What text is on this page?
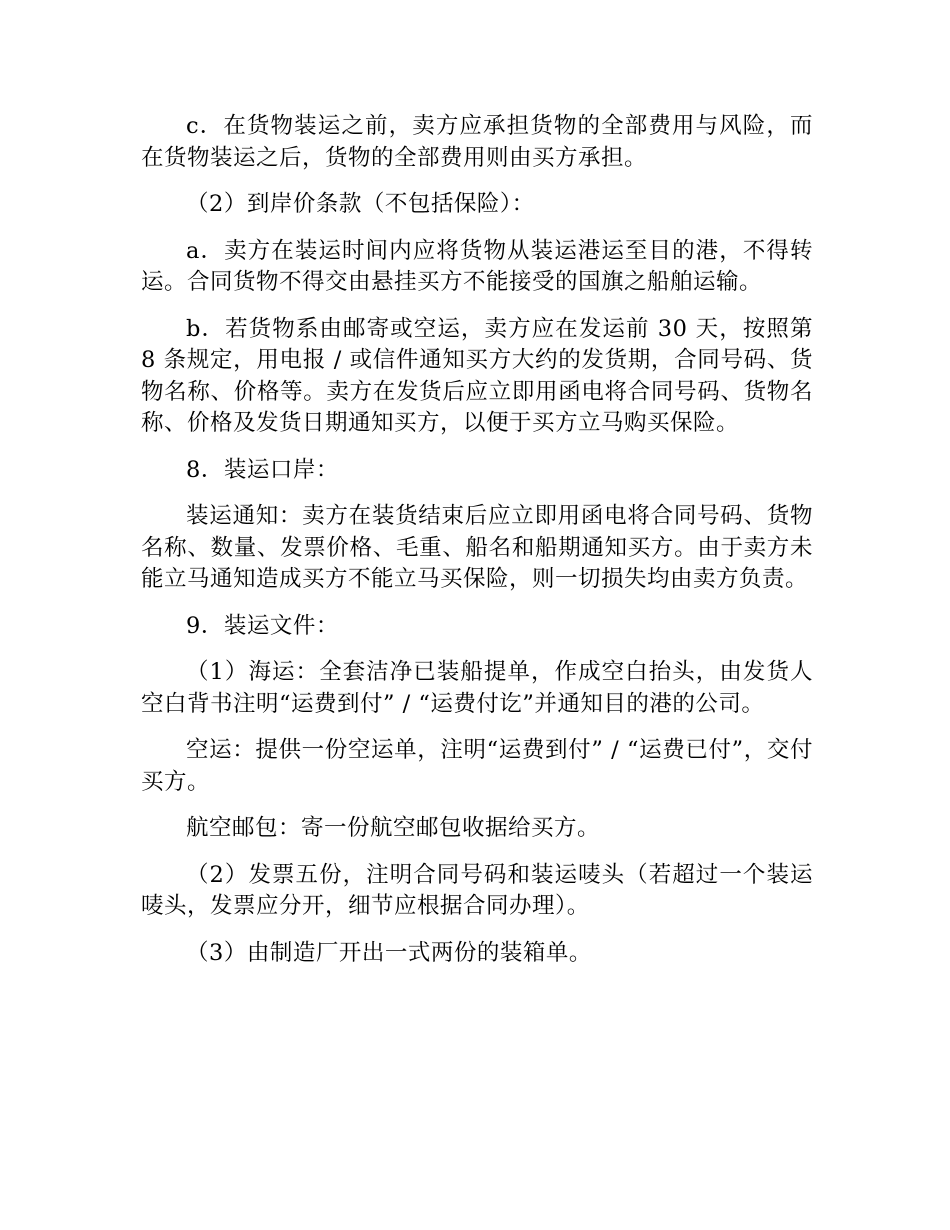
c．在货物装运之前，卖方应承担货物的全部费用与风险，而在货物装运之后，货物的全部费用则由买方承担。

（2）到岸价条款（不包括保险）：

a．卖方在装运时间内应将货物从装运港运至目的港，不得转运。合同货物不得交由悬挂买方不能接受的国旗之船舶运输。

b．若货物系由邮寄或空运，卖方应在发运前 30 天，按照第 8 条规定，用电报 / 或信件通知买方大约的发货期，合同号码、货物名称、价格等。卖方在发货后应立即用函电将合同号码、货物名称、价格及发货日期通知买方，以便于买方立马购买保险。

8．装运口岸：

装运通知：卖方在装货结束后应立即用函电将合同号码、货物名称、数量、发票价格、毛重、船名和船期通知买方。由于卖方未能立马通知造成买方不能立马买保险，则一切损失均由卖方负责。

9．装运文件：

（1）海运：全套洁净已装船提单，作成空白抬头，由发货人空白背书注明“运费到付” / “运费付讫”并通知目的港的公司。

空运：提供一份空运单，注明“运费到付” / “运费已付”，交付买方。

航空邮包：寄一份航空邮包收据给买方。

（2）发票五份，注明合同号码和装运唛头（若超过一个装运唛头，发票应分开，细节应根据合同办理）。

（3）由制造厂开出一式两份的装箱单。
